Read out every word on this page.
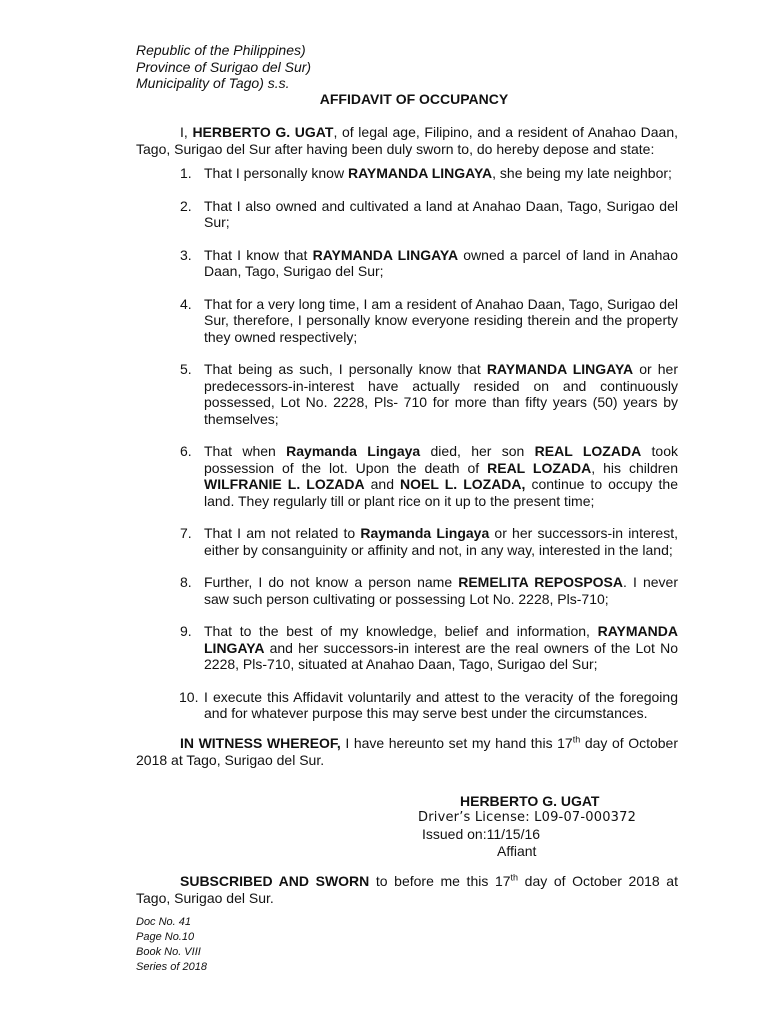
Republic of the Philippines)
Province of Surigao del Sur)
Municipality of Tago) s.s.
AFFIDAVIT OF OCCUPANCY
I, HERBERTO G. UGAT, of legal age, Filipino, and a resident of Anahao Daan, Tago, Surigao del Sur after having been duly sworn to, do hereby depose and state:
1. That I personally know RAYMANDA LINGAYA, she being my late neighbor;
2. That I also owned and cultivated a land at Anahao Daan, Tago, Surigao del Sur;
3. That I know that RAYMANDA LINGAYA owned a parcel of land in Anahao Daan, Tago, Surigao del Sur;
4. That for a very long time, I am a resident of Anahao Daan, Tago, Surigao del Sur, therefore, I personally know everyone residing therein and the property they owned respectively;
5. That being as such, I personally know that RAYMANDA LINGAYA or her predecessors-in-interest have actually resided on and continuously possessed, Lot No. 2228, Pls- 710 for more than fifty years (50) years by themselves;
6. That when Raymanda Lingaya died, her son REAL LOZADA took possession of the lot. Upon the death of REAL LOZADA, his children WILFRANIE L. LOZADA and NOEL L. LOZADA, continue to occupy the land. They regularly till or plant rice on it up to the present time;
7. That I am not related to Raymanda Lingaya or her successors-in interest, either by consanguinity or affinity and not, in any way, interested in the land;
8. Further, I do not know a person name REMELITA REPOSPOSA. I never saw such person cultivating or possessing Lot No. 2228, Pls-710;
9. That to the best of my knowledge, belief and information, RAYMANDA LINGAYA and her successors-in interest are the real owners of the Lot No 2228, Pls-710, situated at Anahao Daan, Tago, Surigao del Sur;
10. I execute this Affidavit voluntarily and attest to the veracity of the foregoing and for whatever purpose this may serve best under the circumstances.
IN WITNESS WHEREOF, I have hereunto set my hand this 17th day of October 2018 at Tago, Surigao del Sur.
HERBERTO G. UGAT
Driver’s License: L09-07-000372
Issued on:11/15/16
Affiant
SUBSCRIBED AND SWORN to before me this 17th day of October 2018 at Tago, Surigao del Sur.
Doc No. 41
Page No.10
Book No. VIII
Series of 2018
